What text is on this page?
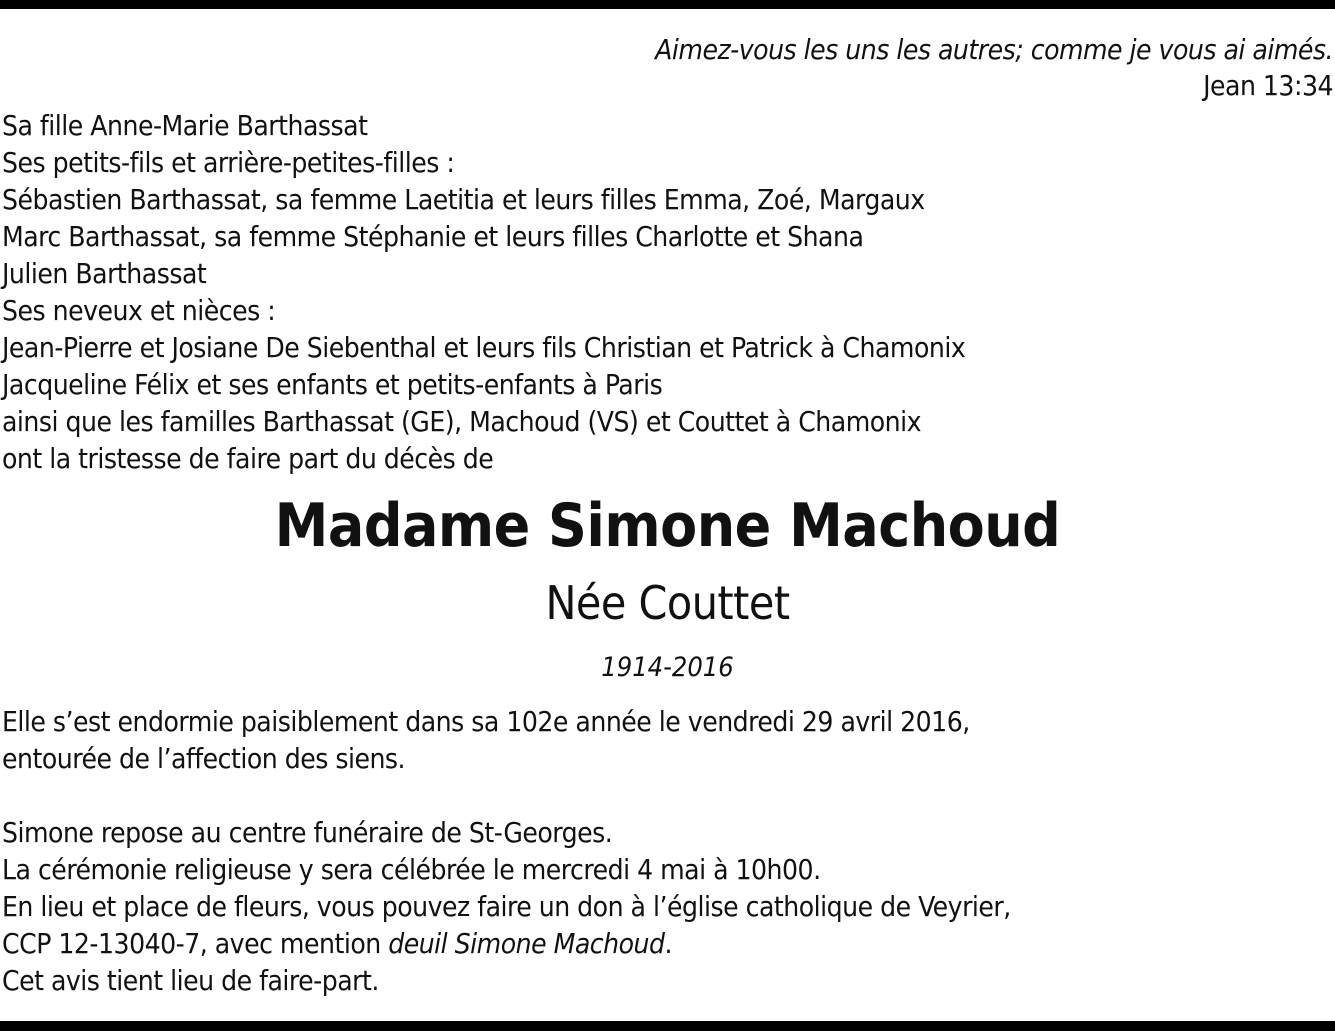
Aimez-vous les uns les autres; comme je vous ai aimés.
Jean 13:34
Sa fille Anne-Marie Barthassat
Ses petits-fils et arrière-petites-filles :
Sébastien Barthassat, sa femme Laetitia et leurs filles Emma, Zoé, Margaux
Marc Barthassat, sa femme Stéphanie et leurs filles Charlotte et Shana
Julien Barthassat
Ses neveux et nièces :
Jean-Pierre et Josiane De Siebenthal et leurs fils Christian et Patrick à Chamonix
Jacqueline Félix et ses enfants et petits-enfants à Paris
ainsi que les familles Barthassat (GE), Machoud (VS) et Couttet à Chamonix
ont la tristesse de faire part du décès de
Madame Simone Machoud
Née Couttet
1914-2016
Elle s’est endormie paisiblement dans sa 102e année le vendredi 29 avril 2016,
entourée de l’affection des siens.
Simone repose au centre funéraire de St-Georges.
La cérémonie religieuse y sera célébrée le mercredi 4 mai à 10h00.
En lieu et place de fleurs, vous pouvez faire un don à l’église catholique de Veyrier,
CCP 12-13040-7, avec mention deuil Simone Machoud.
Cet avis tient lieu de faire-part.
